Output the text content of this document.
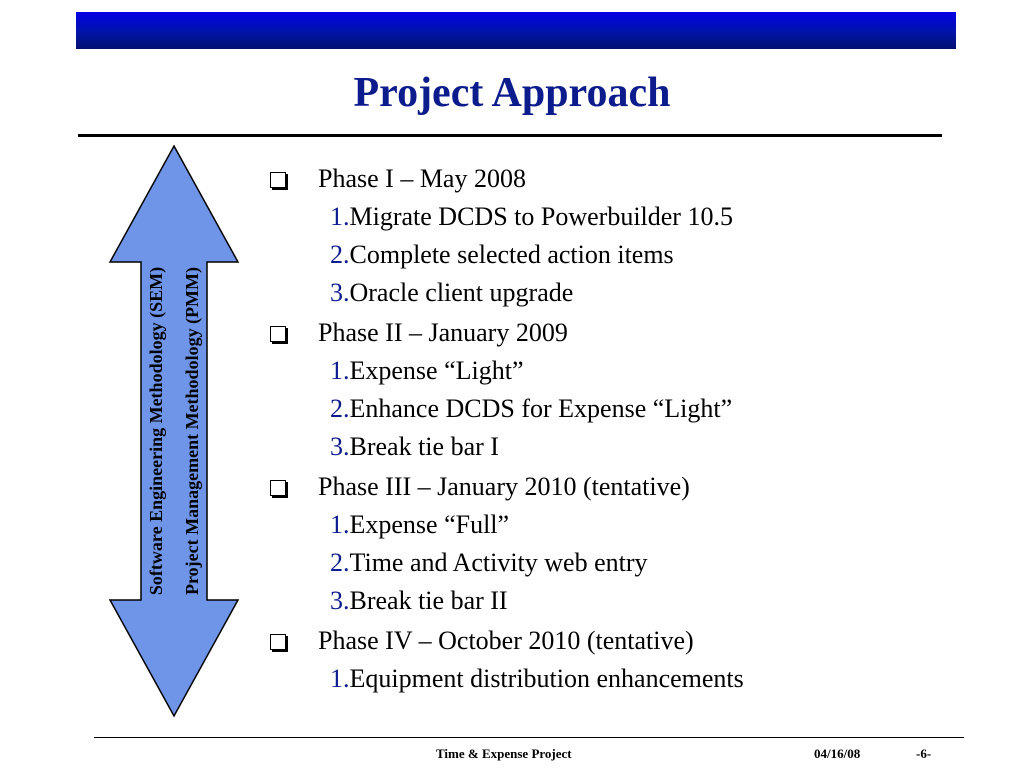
Project Approach
Software Engineering Methodology (SEM) Project Management Methodology (PMM)
Phase I – May 2008
1.Migrate DCDS to Powerbuilder 10.5
2.Complete selected action items
3.Oracle client upgrade
Phase II – January 2009
1.Expense “Light”
2.Enhance DCDS for Expense “Light”
3.Break tie bar I
Phase III – January 2010 (tentative)
1.Expense “Full”
2.Time and Activity web entry
3.Break tie bar II
Phase IV – October 2010 (tentative)
1.Equipment distribution enhancements
Time & Expense Project	04/16/08	-6-
